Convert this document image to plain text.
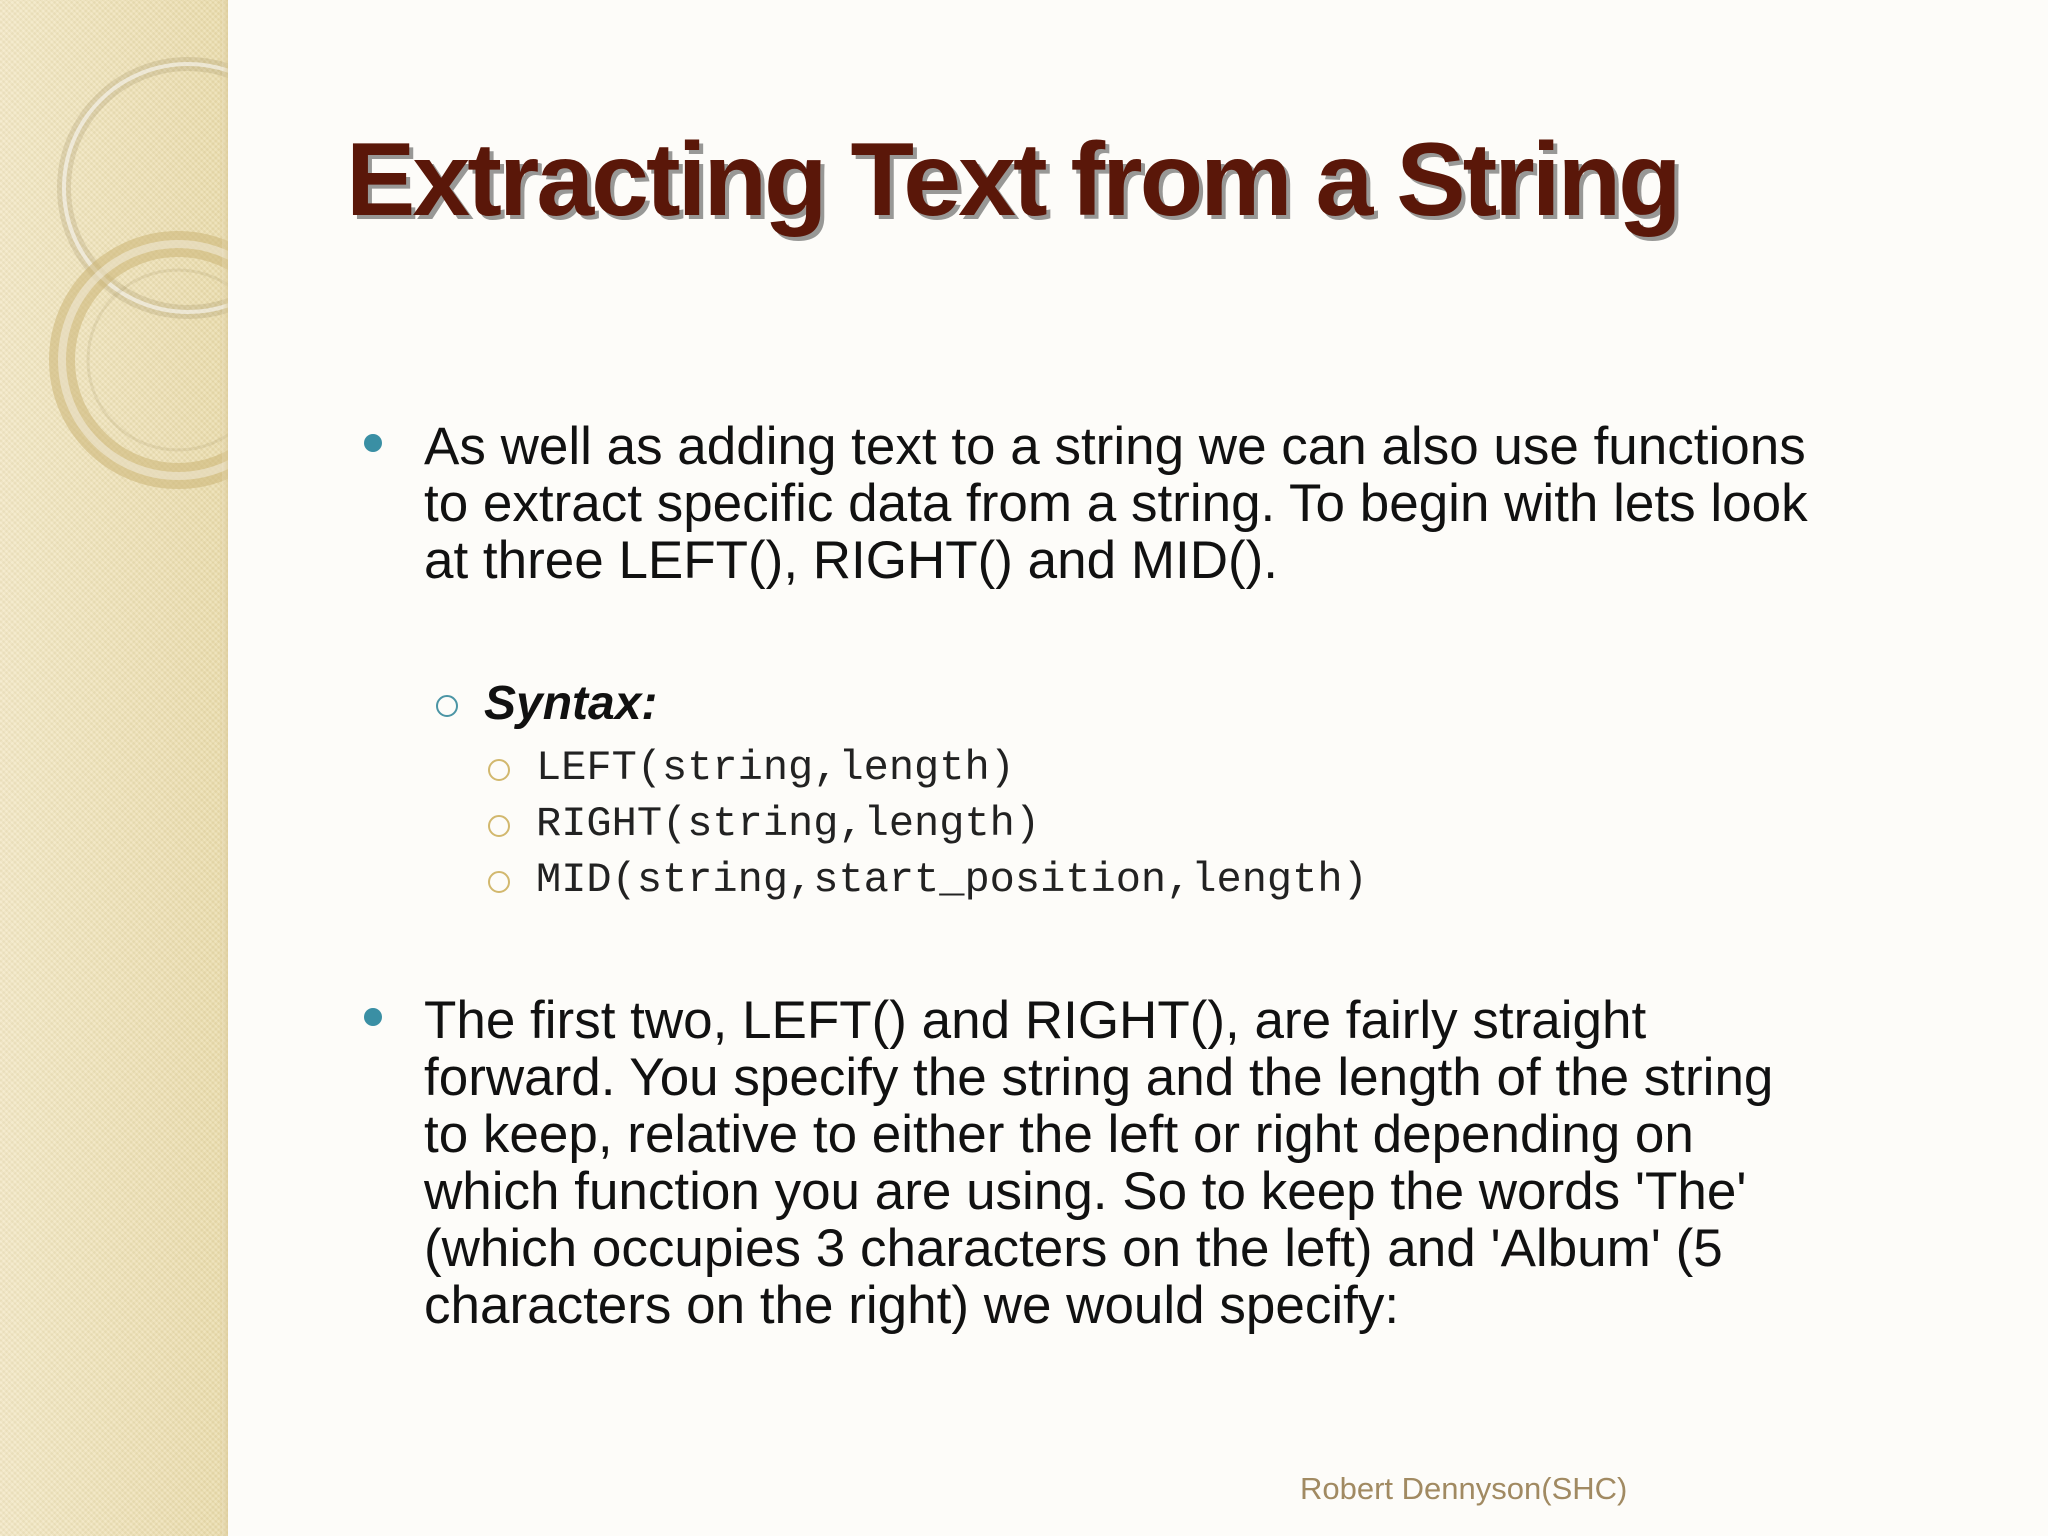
Extracting Text from a String
As well as adding text to a string we can also use functions
to extract specific data from a string. To begin with lets look
at three LEFT(), RIGHT() and MID().
Syntax:
LEFT(string,length)
RIGHT(string,length)
MID(string,start_position,length)
The first two, LEFT() and RIGHT(), are fairly straight
forward. You specify the string and the length of the string
to keep, relative to either the left or right depending on
which function you are using. So to keep the words 'The'
(which occupies 3 characters on the left) and 'Album' (5
characters on the right) we would specify:
Robert Dennyson(SHC)
